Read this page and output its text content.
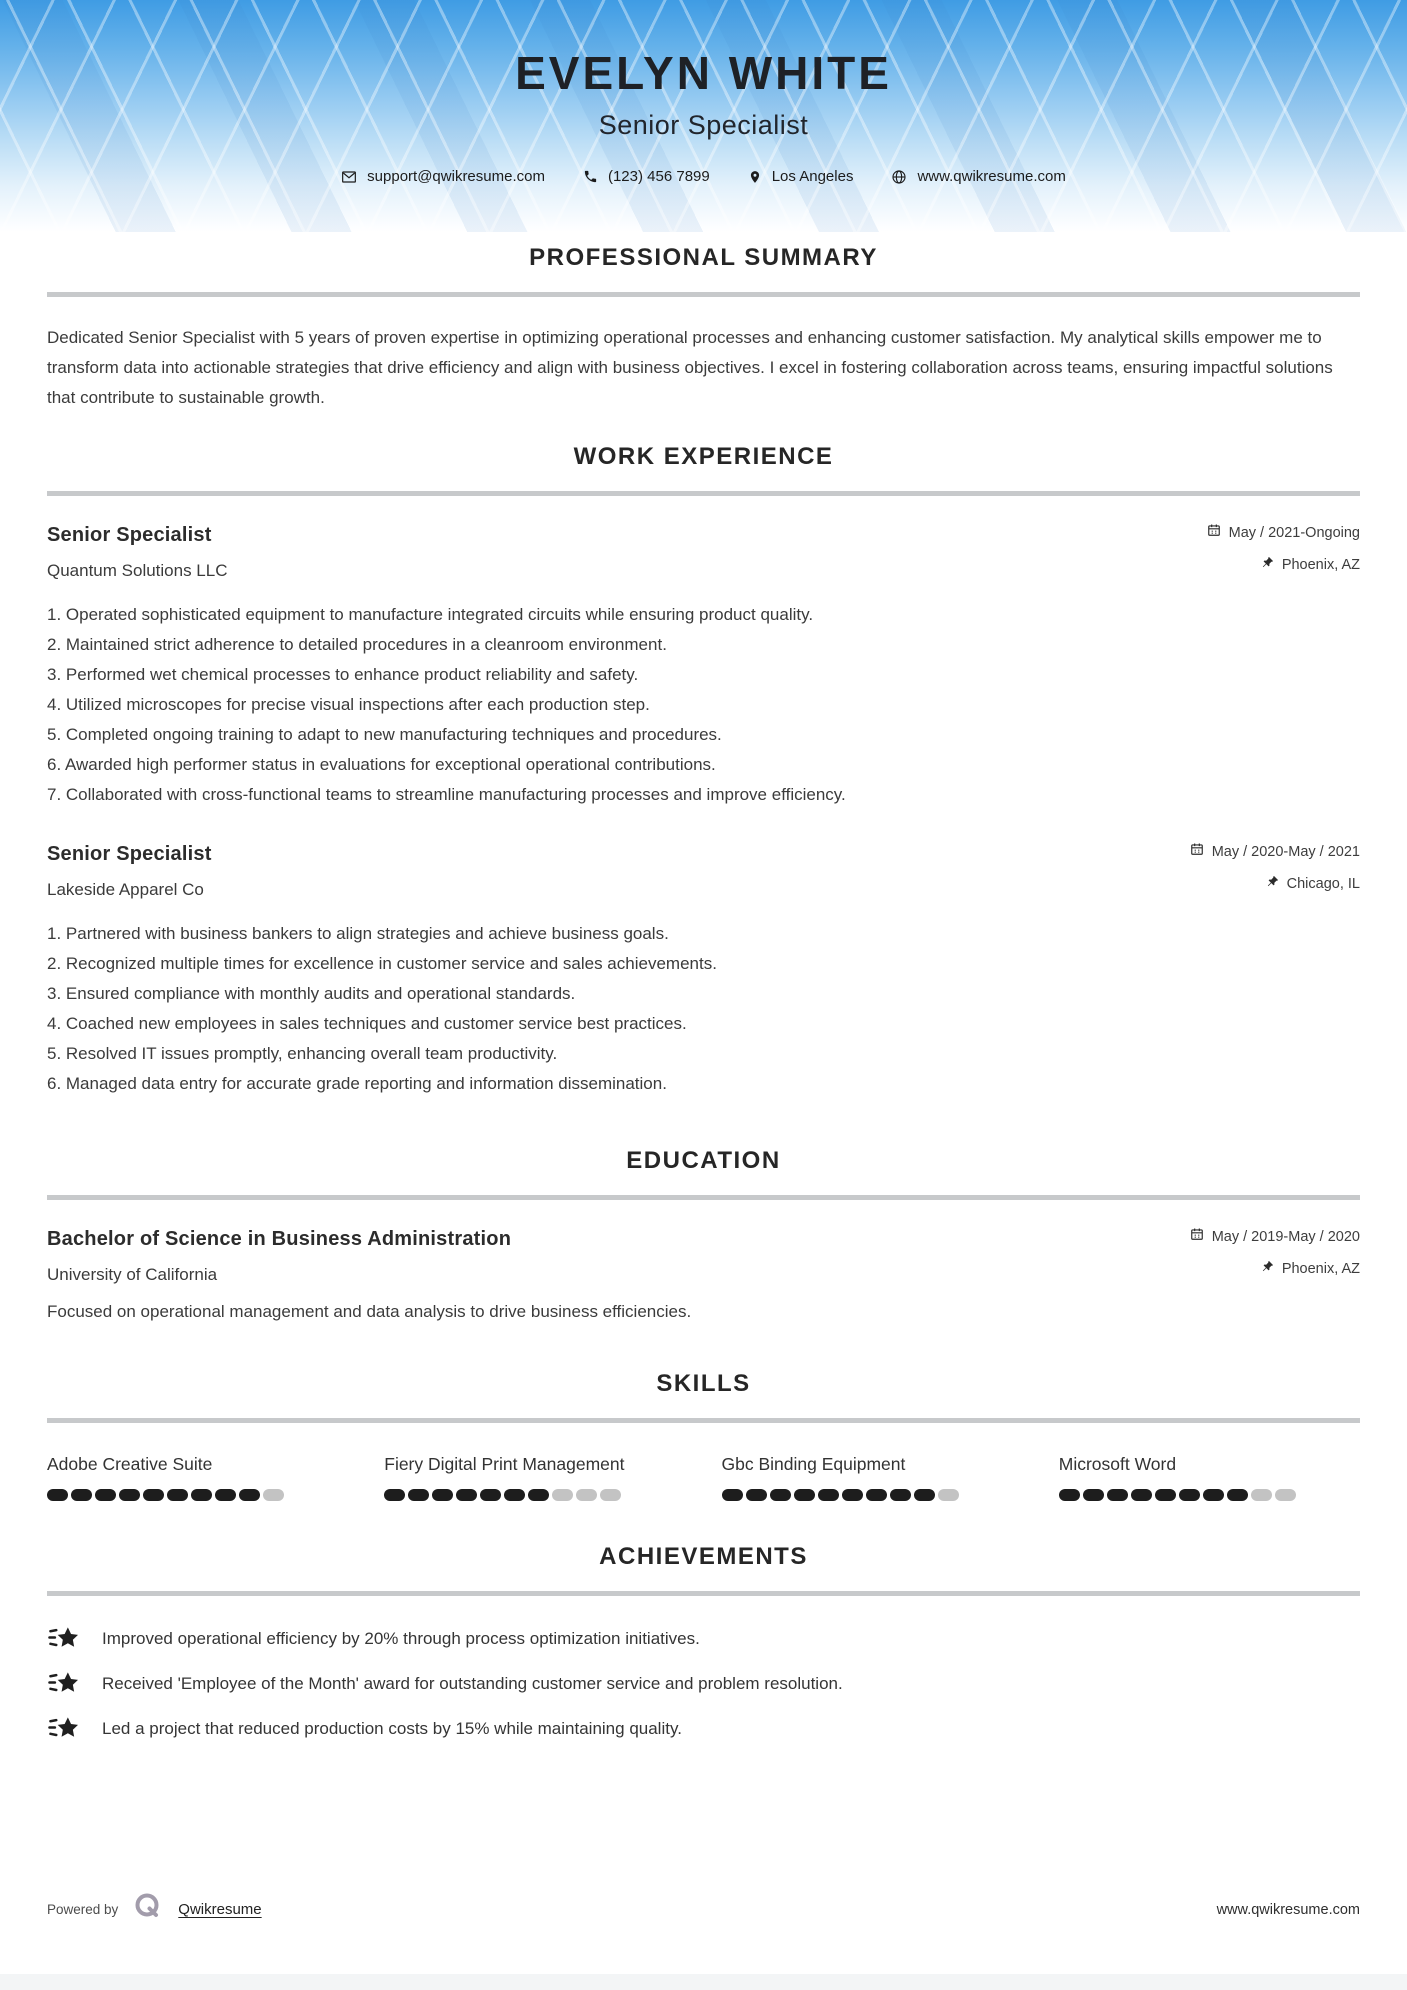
EVELYN WHITE
Senior Specialist
support@qwikresume.com	(123) 456 7899	Los Angeles	www.qwikresume.com
PROFESSIONAL SUMMARY

Dedicated Senior Specialist with 5 years of proven expertise in optimizing operational processes and enhancing customer satisfaction. My analytical skills empower me to transform data into actionable strategies that drive efficiency and align with business objectives. I excel in fostering collaboration across teams, ensuring impactful solutions that contribute to sustainable growth.

WORK EXPERIENCE
Senior Specialist
Quantum Solutions LLC
May / 2021-Ongoing
Phoenix, AZ
1. Operated sophisticated equipment to manufacture integrated circuits while ensuring product quality.
2. Maintained strict adherence to detailed procedures in a cleanroom environment.
3. Performed wet chemical processes to enhance product reliability and safety.
4. Utilized microscopes for precise visual inspections after each production step.
5. Completed ongoing training to adapt to new manufacturing techniques and procedures.
6. Awarded high performer status in evaluations for exceptional operational contributions.
7. Collaborated with cross-functional teams to streamline manufacturing processes and improve efficiency.
Senior Specialist
Lakeside Apparel Co
May / 2020-May / 2021
Chicago, IL
1. Partnered with business bankers to align strategies and achieve business goals.
2. Recognized multiple times for excellence in customer service and sales achievements.
3. Ensured compliance with monthly audits and operational standards.
4. Coached new employees in sales techniques and customer service best practices.
5. Resolved IT issues promptly, enhancing overall team productivity.
6. Managed data entry for accurate grade reporting and information dissemination.
EDUCATION
Bachelor of Science in Business Administration
University of California
May / 2019-May / 2020
Phoenix, AZ
Focused on operational management and data analysis to drive business efficiencies.
SKILLS
Adobe Creative Suite	Fiery Digital Print Management	Gbc Binding Equipment	Microsoft Word
ACHIEVEMENTS
Improved operational efficiency by 20% through process optimization initiatives.
Received 'Employee of the Month' award for outstanding customer service and problem resolution.
Led a project that reduced production costs by 15% while maintaining quality.
Powered by	Qwikresume	www.qwikresume.com
